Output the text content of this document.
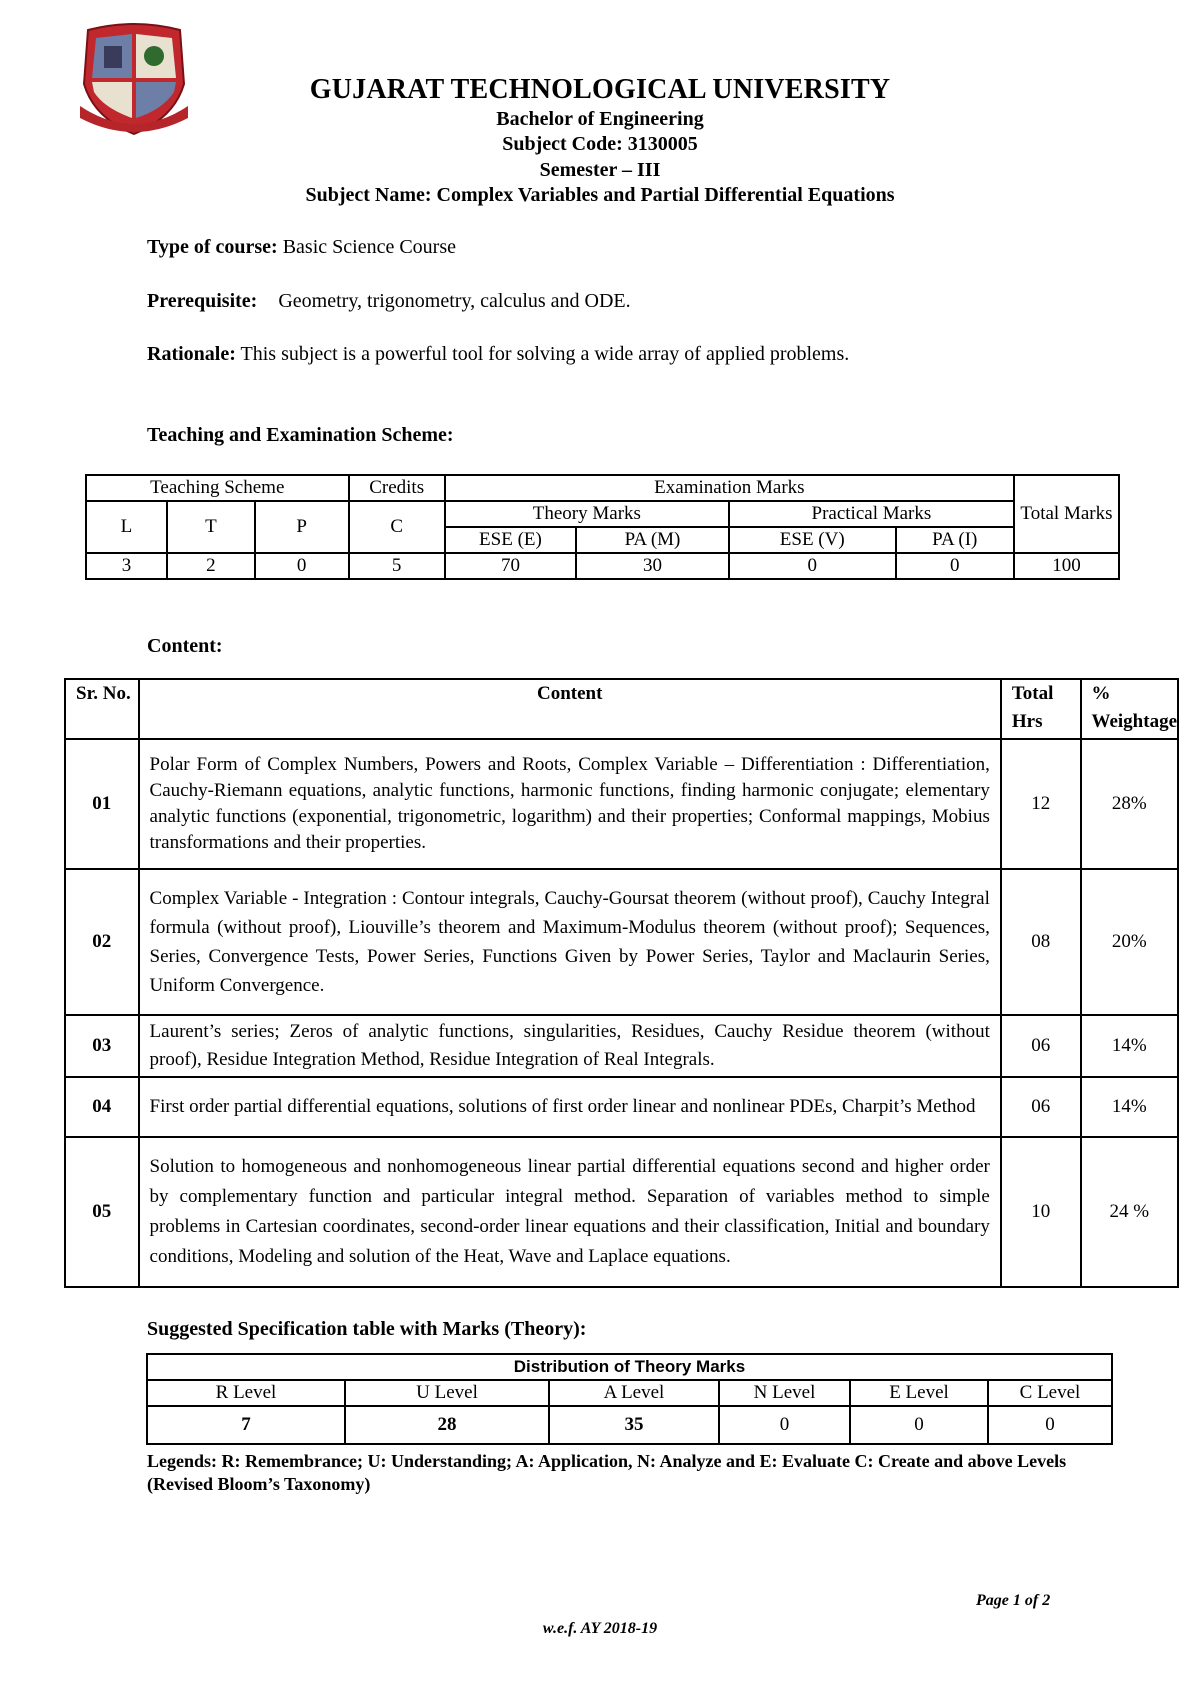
GUJARAT TECHNOLOGICAL UNIVERSITY
Bachelor of Engineering
Subject Code: 3130005
Semester – III
Subject Name: Complex Variables and Partial Differential Equations
Type of course: Basic Science Course
Prerequisite: Geometry, trigonometry, calculus and ODE.
Rationale: This subject is a powerful tool for solving a wide array of applied problems.
Teaching and Examination Scheme:
Teaching Scheme			Credits	Examination Marks				Total Marks
L	T	P	C	Theory Marks		Practical Marks		
				ESE (E)	PA (M)	ESE (V)	PA (I)	
3	2	0	5	70	30	0	0	100
Content:
Sr. No.	Content	Total Hrs	% Weightage
01	Polar Form of Complex Numbers, Powers and Roots, Complex Variable – Differentiation : Differentiation, Cauchy-Riemann equations, analytic functions, harmonic functions, finding harmonic conjugate; elementary analytic functions (exponential, trigonometric, logarithm) and their properties; Conformal mappings, Mobius transformations and their properties.	12	28%
02	Complex Variable - Integration : Contour integrals, Cauchy-Goursat theorem (without proof), Cauchy Integral formula (without proof), Liouville’s theorem and Maximum-Modulus theorem (without proof); Sequences, Series, Convergence Tests, Power Series, Functions Given by Power Series, Taylor and Maclaurin Series, Uniform Convergence.	08	20%
03	Laurent’s series; Zeros of analytic functions, singularities, Residues, Cauchy Residue theorem (without proof), Residue Integration Method, Residue Integration of Real Integrals.	06	14%
04	First order partial differential equations, solutions of first order linear and nonlinear PDEs, Charpit’s Method	06	14%
05	Solution to homogeneous and nonhomogeneous linear partial differential equations second and higher order by complementary function and particular integral method. Separation of variables method to simple problems in Cartesian coordinates, second-order linear equations and their classification, Initial and boundary conditions, Modeling and solution of the Heat, Wave and Laplace equations.	10	24 %
Suggested Specification table with Marks (Theory):
Distribution of Theory Marks					
R Level	U Level	A Level	N Level	E Level	C Level
7	28	35	0	0	0
Legends: R: Remembrance; U: Understanding; A: Application, N: Analyze and E: Evaluate C: Create and above Levels (Revised Bloom’s Taxonomy)
Page 1 of 2
w.e.f. AY 2018-19
